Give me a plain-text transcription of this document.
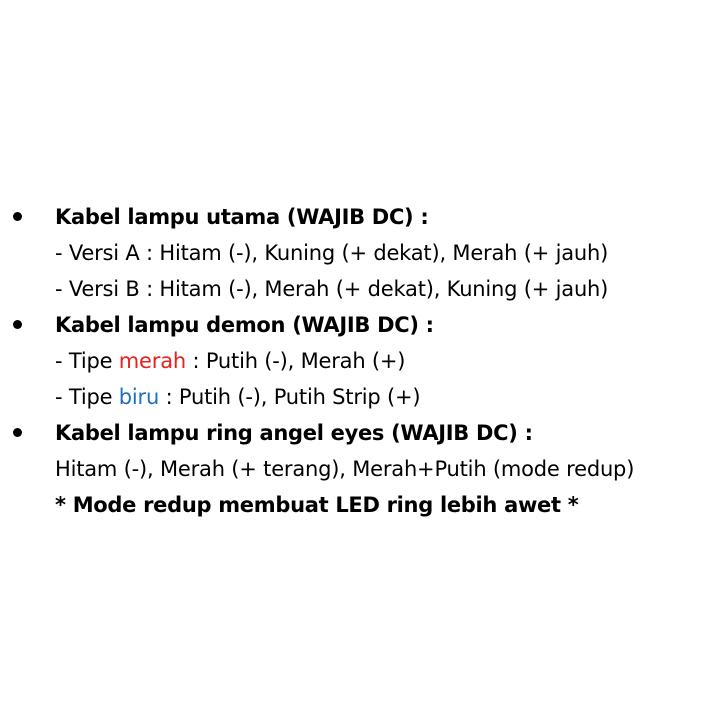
Kabel lampu utama (WAJIB DC) :
- Versi A : Hitam (-), Kuning (+ dekat), Merah (+ jauh)
- Versi B : Hitam (-), Merah (+ dekat), Kuning (+ jauh)
Kabel lampu demon (WAJIB DC) :
- Tipe merah : Putih (-), Merah (+)
- Tipe biru : Putih (-), Putih Strip (+)
Kabel lampu ring angel eyes (WAJIB DC) :
Hitam (-), Merah (+ terang), Merah+Putih (mode redup)
* Mode redup membuat LED ring lebih awet *
